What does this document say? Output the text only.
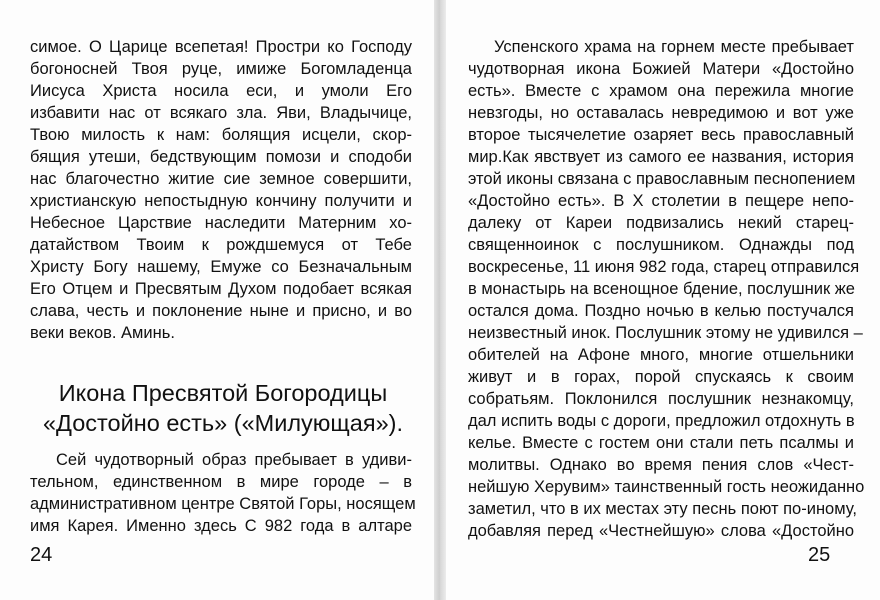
симое. О Царице всепетая! Простри ко Господу
богоносней Твоя руце, имиже Богомладенца
Иисуса Христа носила еси, и умоли Его
избавити нас от всякаго зла. Яви, Владычице,
Твою милость к нам: болящия исцели, скор-
бящия утеши, бедствующим помози и сподоби
нас благочестно житие сие земное совершити,
христианскую непостыдную кончину получити и
Небесное Царствие наследити Матерним хо-
датайством Твоим к рождшемуся от Тебе
Христу Богу нашему, Емуже со Безначальным
Его Отцем и Пресвятым Духом подобает всякая
слава, честь и поклонение ныне и присно, и во
веки веков. Аминь.
Икона Пресвятой Богородицы
«Достойно есть» («Милующая»).
Сей чудотворный образ пребывает в удиви-
тельном, единственном в мире городе – в
административном центре Святой Горы, носящем
имя Карея. Именно здесь С 982 года в алтаре
24
Успенского храма на горнем месте пребывает
чудотворная икона Божией Матери «Достойно
есть». Вместе с храмом она пережила многие
невзгоды, но оставалась невредимою и вот уже
второе тысячелетие озаряет весь православный
мир.Как явствует из самого ее названия, история
этой иконы связана с православным песнопением
«Достойно есть». В X столетии в пещере непо-
далеку от Кареи подвизались некий старец-
священноинок с послушником. Однажды под
воскресенье, 11 июня 982 года, старец отправился
в монастырь на всенощное бдение, послушник же
остался дома. Поздно ночью в келью постучался
неизвестный инок. Послушник этому не удивился –
обителей на Афоне много, многие отшельники
живут и в горах, порой спускаясь к своим
собратьям. Поклонился послушник незнакомцу,
дал испить воды с дороги, предложил отдохнуть в
келье. Вместе с гостем они стали петь псалмы и
молитвы. Однако во время пения слов «Чест-
нейшую Херувим» таинственный гость неожиданно
заметил, что в их местах эту песнь поют по-иному,
добавляя перед «Честнейшую» слова «Достойно
25
